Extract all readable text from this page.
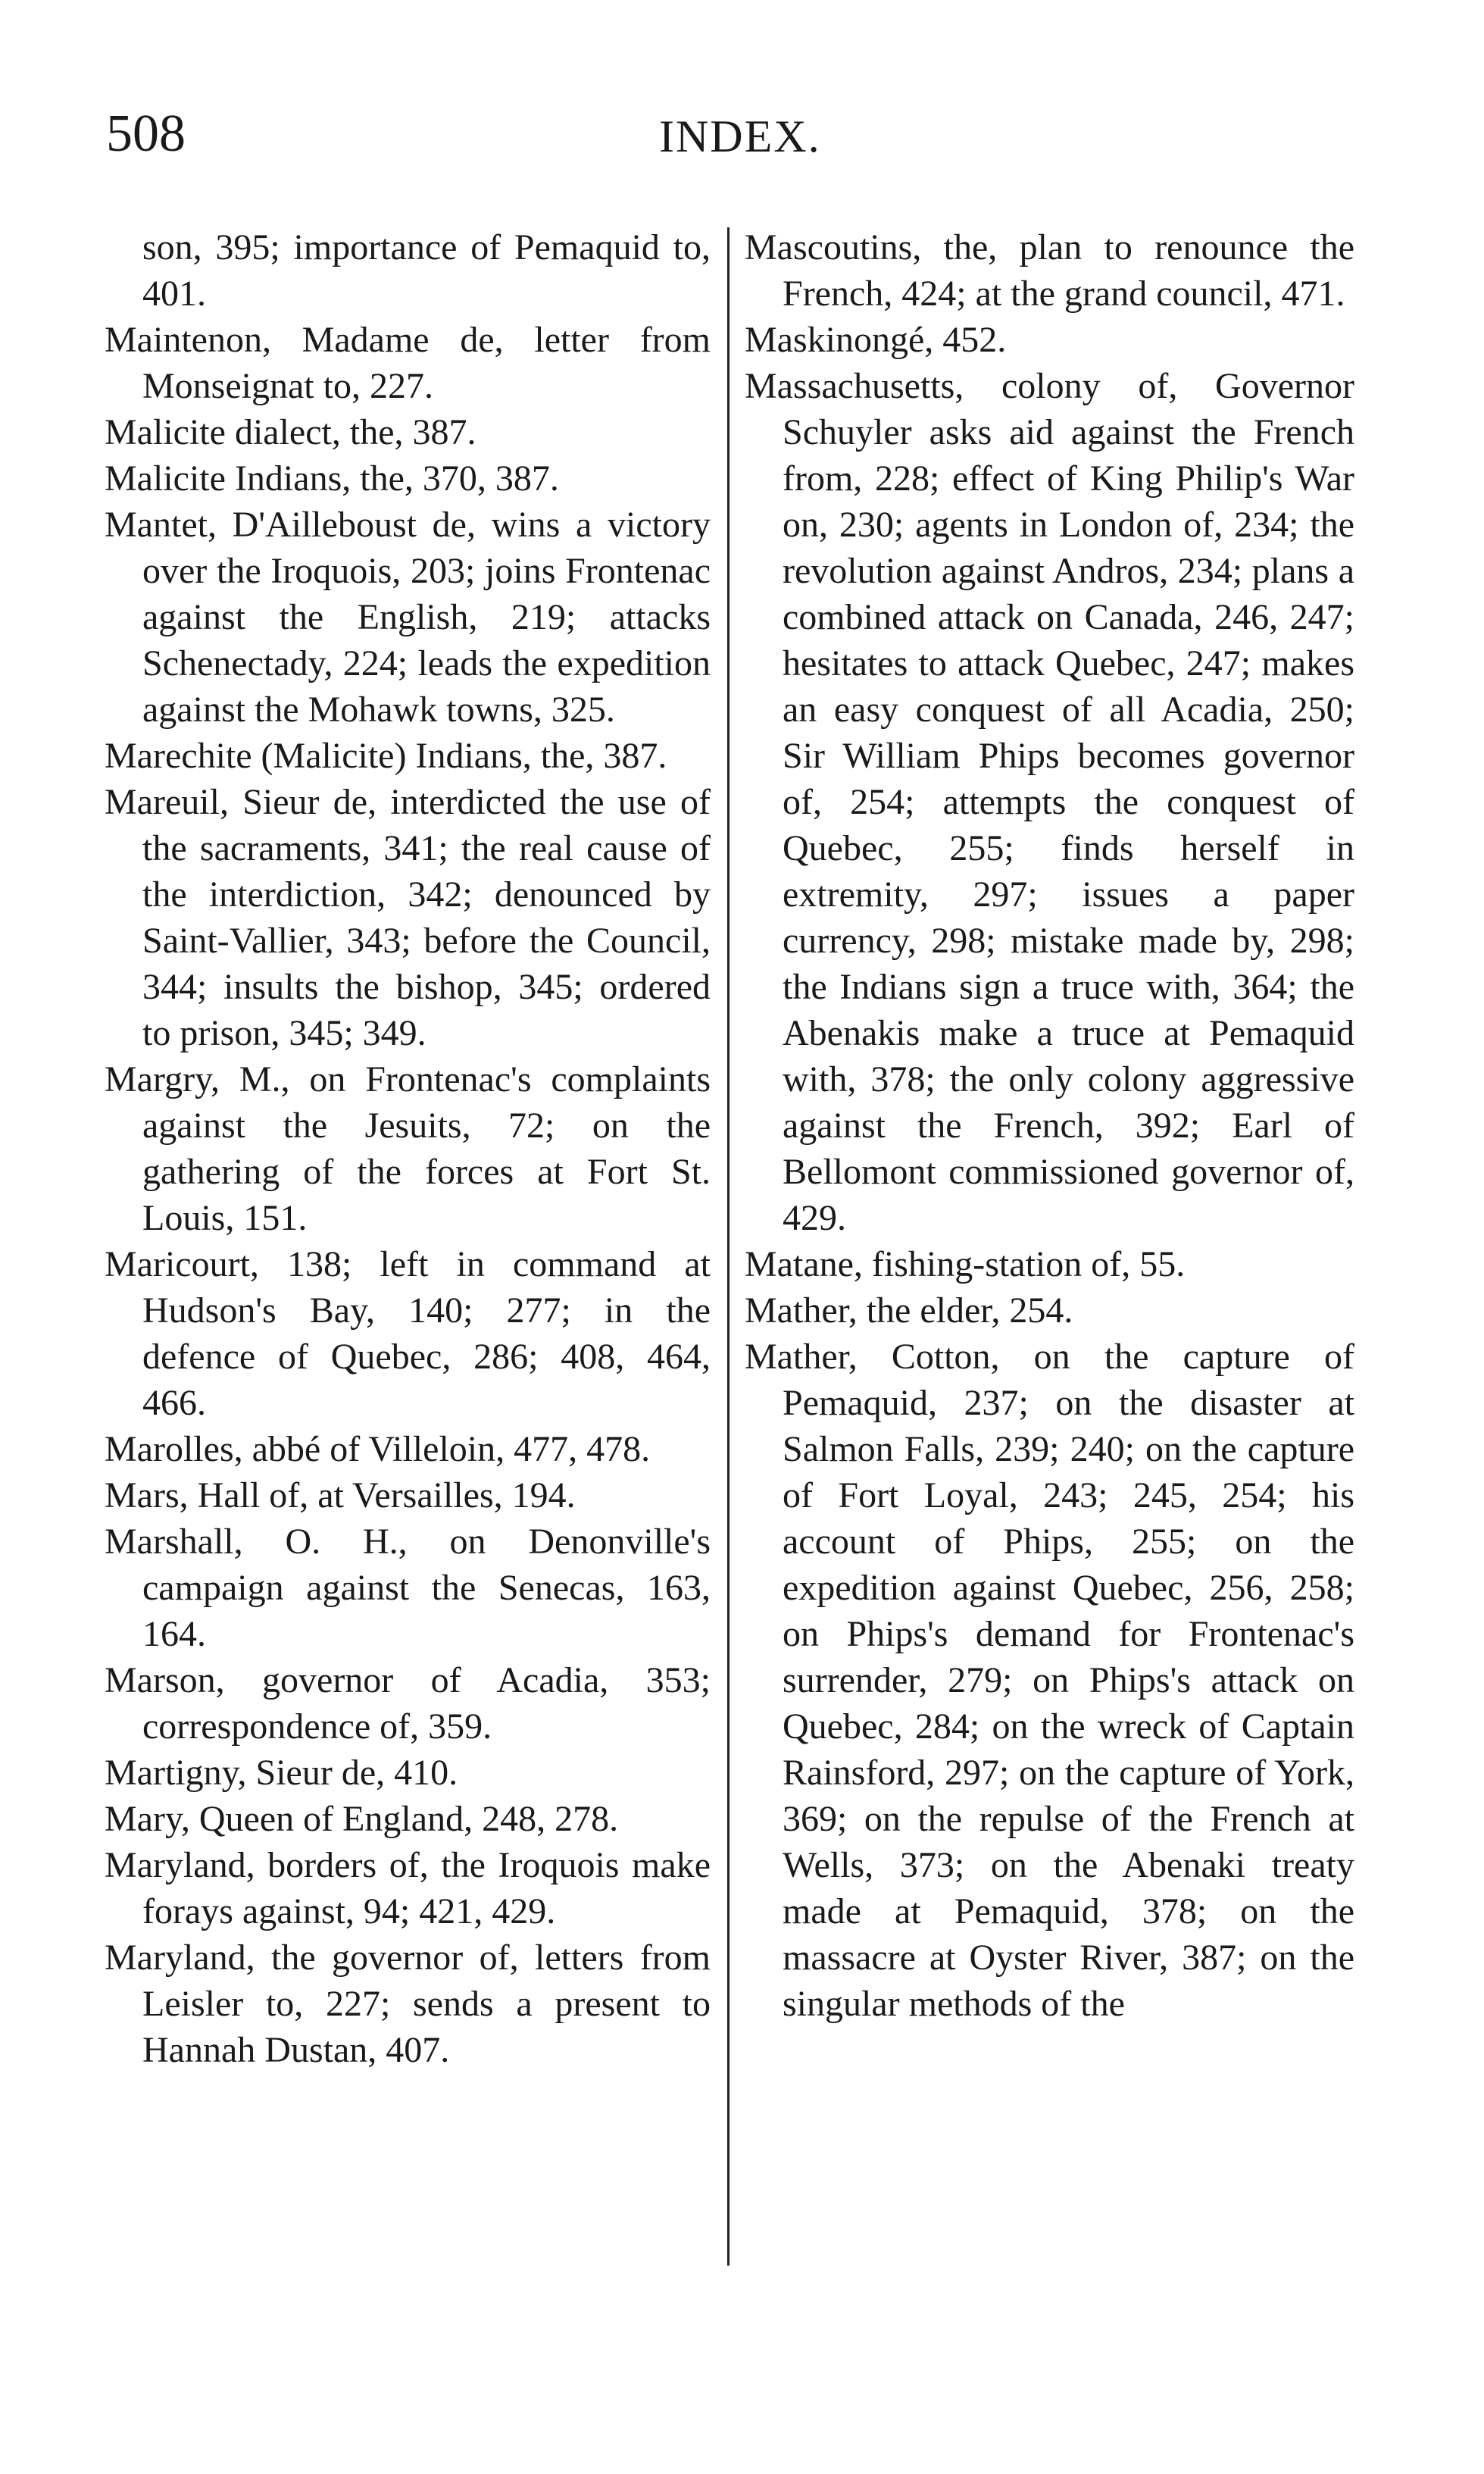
508	INDEX.

son, 395; importance of Pemaquid to, 401.

Maintenon, Madame de, letter from Monseignat to, 227.

Malicite dialect, the, 387.

Malicite Indians, the, 370, 387.

Mantet, D'Ailleboust de, wins a victory over the Iroquois, 203; joins Frontenac against the English, 219; attacks Schenectady, 224; leads the expedition against the Mohawk towns, 325.

Marechite (Malicite) Indians, the, 387.

Mareuil, Sieur de, interdicted the use of the sacraments, 341; the real cause of the interdiction, 342; denounced by Saint-Vallier, 343; before the Council, 344; insults the bishop, 345; ordered to prison, 345; 349.

Margry, M., on Frontenac's complaints against the Jesuits, 72; on the gathering of the forces at Fort St. Louis, 151.

Maricourt, 138; left in command at Hudson's Bay, 140; 277; in the defence of Quebec, 286; 408, 464, 466.

Marolles, abbé of Villeloin, 477, 478.

Mars, Hall of, at Versailles, 194.

Marshall, O. H., on Denonville's campaign against the Senecas, 163, 164.

Marson, governor of Acadia, 353; correspondence of, 359.

Martigny, Sieur de, 410.

Mary, Queen of England, 248, 278.

Maryland, borders of, the Iroquois make forays against, 94; 421, 429.

Maryland, the governor of, letters from Leisler to, 227; sends a present to Hannah Dustan, 407.

Mascoutins, the, plan to renounce the French, 424; at the grand council, 471.

Maskinongé, 452.

Massachusetts, colony of, Governor Schuyler asks aid against the French from, 228; effect of King Philip's War on, 230; agents in London of, 234; the revolution against Andros, 234; plans a combined attack on Canada, 246, 247; hesitates to attack Quebec, 247; makes an easy conquest of all Acadia, 250; Sir William Phips becomes governor of, 254; attempts the conquest of Quebec, 255; finds herself in extremity, 297; issues a paper currency, 298; mistake made by, 298; the Indians sign a truce with, 364; the Abenakis make a truce at Pemaquid with, 378; the only colony aggressive against the French, 392; Earl of Bellomont commissioned governor of, 429.

Matane, fishing-station of, 55.

Mather, the elder, 254.

Mather, Cotton, on the capture of Pemaquid, 237; on the disaster at Salmon Falls, 239; 240; on the capture of Fort Loyal, 243; 245, 254; his account of Phips, 255; on the expedition against Quebec, 256, 258; on Phips's demand for Frontenac's surrender, 279; on Phips's attack on Quebec, 284; on the wreck of Captain Rainsford, 297; on the capture of York, 369; on the repulse of the French at Wells, 373; on the Abenaki treaty made at Pemaquid, 378; on the massacre at Oyster River, 387; on the singular methods of the
